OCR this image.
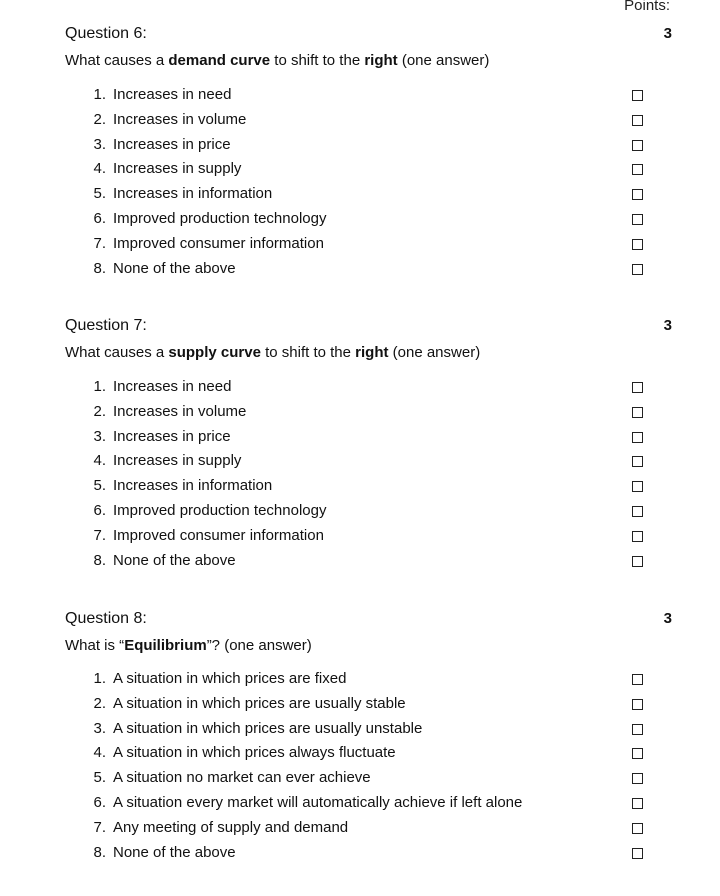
Points:
Question 6:	3
What causes a demand curve to shift to the right (one answer)
1. Increases in need
2. Increases in volume
3. Increases in price
4. Increases in supply
5. Increases in information
6. Improved production technology
7. Improved consumer information
8. None of the above
Question 7:	3
What causes a supply curve to shift to the right (one answer)
1. Increases in need
2. Increases in volume
3. Increases in price
4. Increases in supply
5. Increases in information
6. Improved production technology
7. Improved consumer information
8. None of the above
Question 8:	3
What is “Equilibrium”? (one answer)
1. A situation in which prices are fixed
2. A situation in which prices are usually stable
3. A situation in which prices are usually unstable
4. A situation in which prices always fluctuate
5. A situation no market can ever achieve
6. A situation every market will automatically achieve if left alone
7. Any meeting of supply and demand
8. None of the above
